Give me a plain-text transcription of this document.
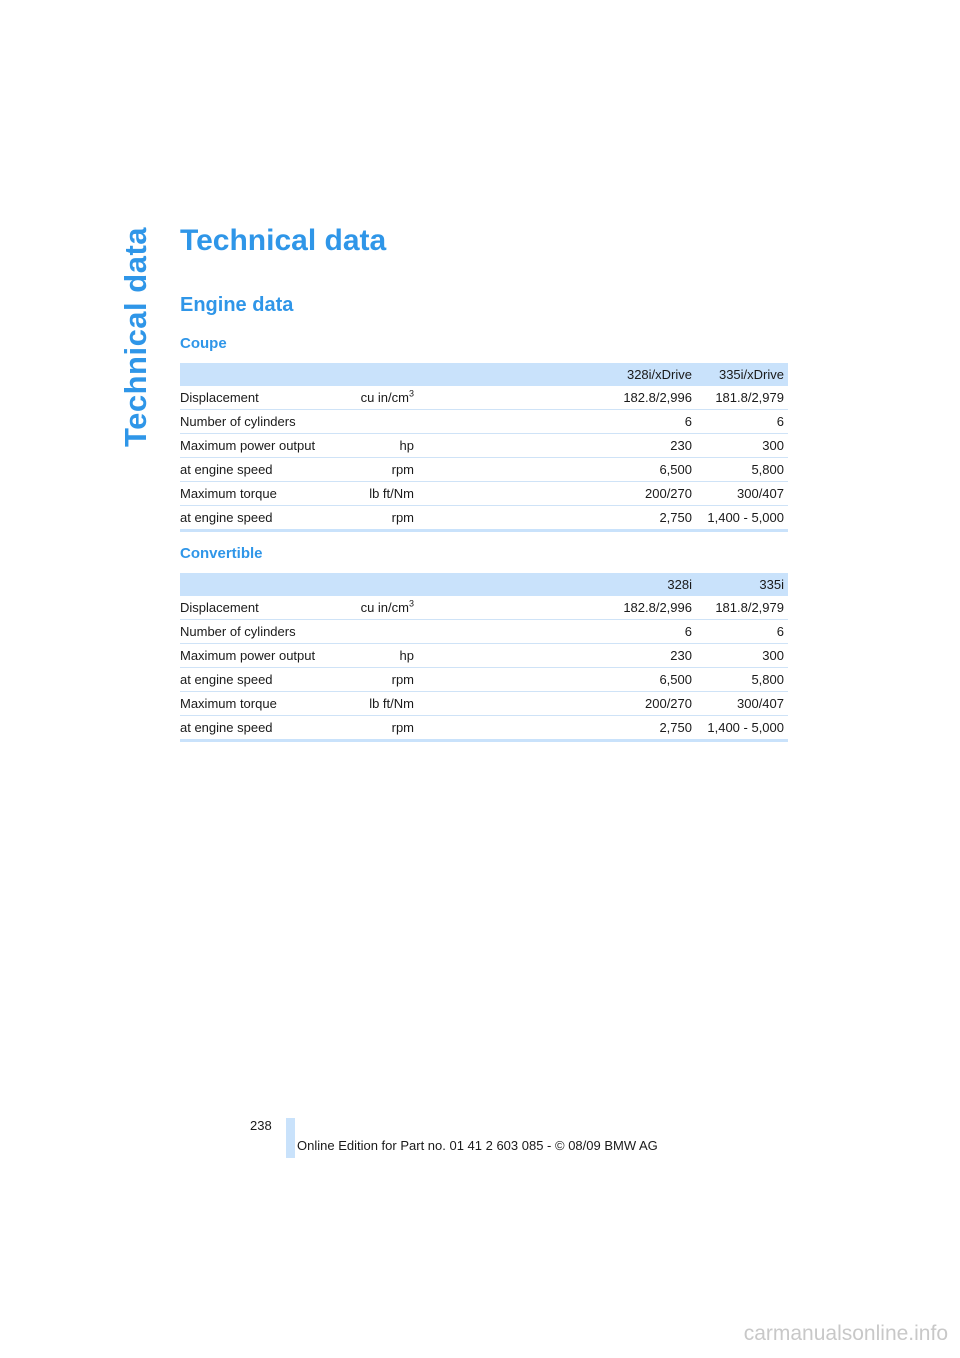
Technical data Technical data
Engine data
Coupe
			328i/xDrive	335i/xDrive
Displacement	cu $in/cm^3$		182.8/2,996	181.8/2,979
Number of cylinders			6	6
Maximum power output	hp		230	300
at engine speed	rpm		6,500	5,800
Maximum torque	lb ft/Nm		200/270	300/407
at engine speed	rpm		2,750	1,400 - 5,000
Convertible
			328i	335i
Displacement	cu $in/cm^3$		182.8/2,996	181.8/2,979
Number of cylinders			6	6
Maximum power output	hp		230	300
at engine speed	rpm		6,500	5,800
Maximum torque	lb ft/Nm		200/270	300/407
at engine speed	rpm		2,750	1,400 - 5,000
238
Online Edition for Part no. 01 41 2 603 085 - © 08/09 BMW AG
carmanualsonline.info
